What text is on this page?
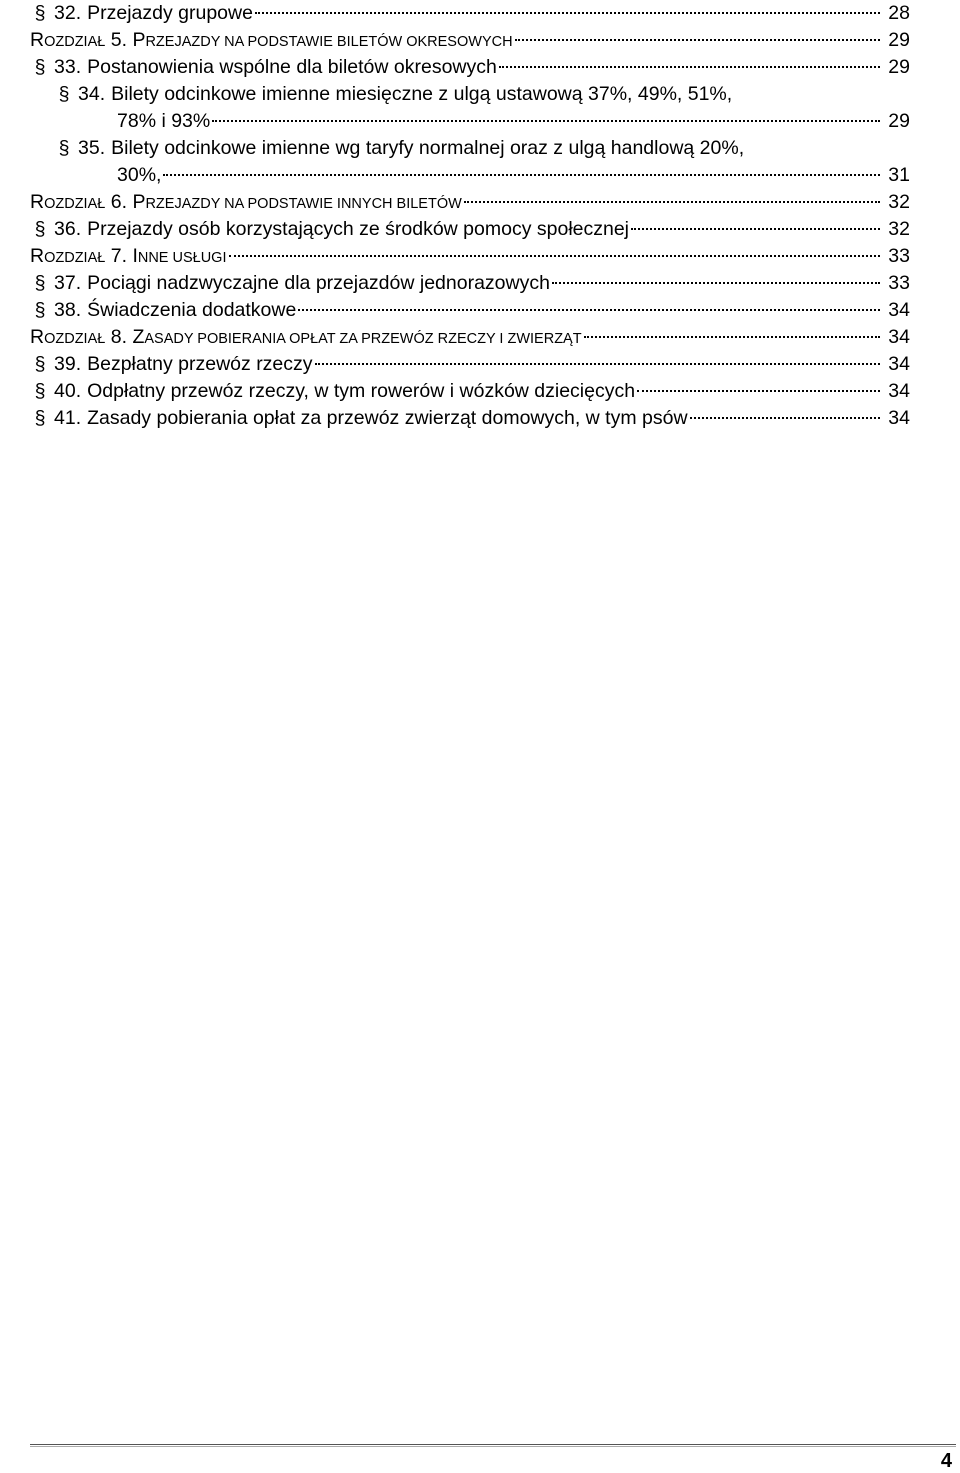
§ 32. Przejazdy grupowe	28
ROZDZIAŁ 5. PRZEJAZDY NA PODSTAWIE BILETÓW OKRESOWYCH	29
§ 33. Postanowienia wspólne dla biletów okresowych	29
§ 34. Bilety odcinkowe imienne miesięczne z ulgą ustawową 37%, 49%, 51%,
78% i 93%	29
§ 35. Bilety odcinkowe imienne wg taryfy normalnej oraz z ulgą handlową 20%,
30%,	31
ROZDZIAŁ 6. PRZEJAZDY NA PODSTAWIE INNYCH BILETÓW	32
§ 36. Przejazdy osób korzystających ze środków pomocy społecznej	32
ROZDZIAŁ 7. INNE USŁUGI	33
§ 37. Pociągi nadzwyczajne dla przejazdów jednorazowych	33
§ 38. Świadczenia dodatkowe	34
ROZDZIAŁ 8. ZASADY POBIERANIA OPŁAT ZA PRZEWÓZ RZECZY I ZWIERZĄT	34
§ 39. Bezpłatny przewóz rzeczy	34
§ 40. Odpłatny przewóz rzeczy, w tym rowerów i wózków dziecięcych	34
§ 41. Zasady pobierania opłat za przewóz zwierząt domowych, w tym psów	34
4
